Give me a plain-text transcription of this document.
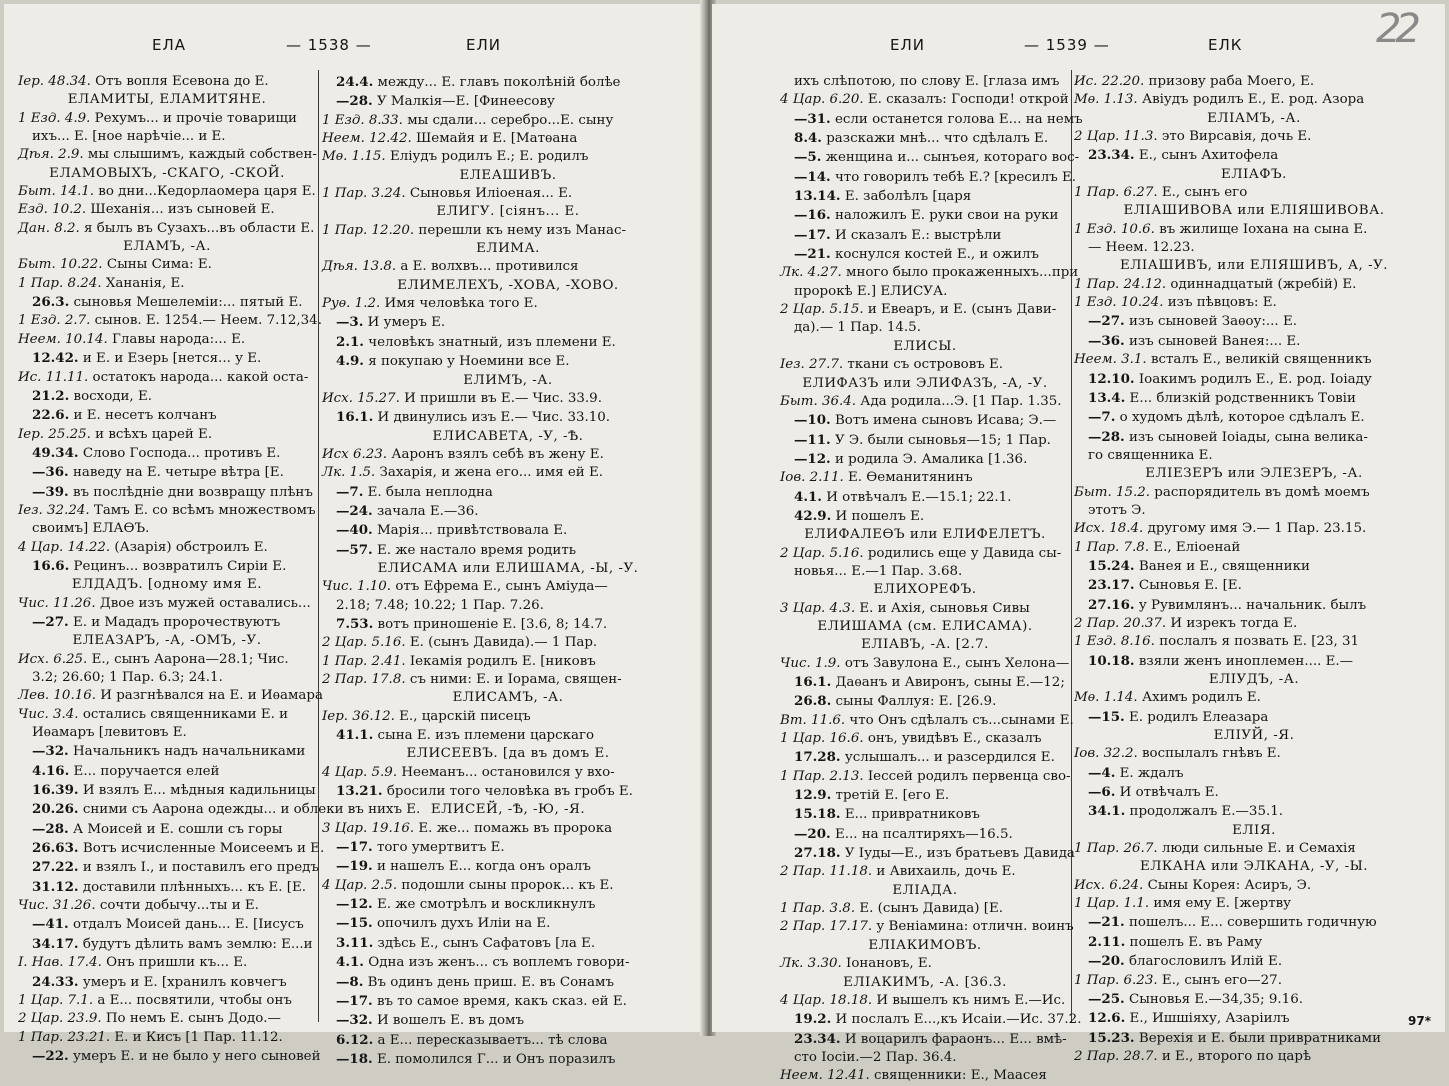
ЕЛА	— 1538 —	ЕЛИ
Іер. 48.34. Отъ вопля Есевона до Е.
ЕЛАМИТЫ, ЕЛАМИТЯНЕ.
1 Езд. 4.9. Рехумъ... и прочіе товарищи
ихъ... Е. [ное нарѣчіе... и Е.
Дѣя. 2.9. мы слышимъ, каждый собствен-
ЕЛАМОВЫХЪ, -СКАГО, -СКОЙ.
Быт. 14.1. во дни...Кедорлаомера царя Е.
Езд. 10.2. Шеханія... изъ сыновей Е.
Дан. 8.2. я былъ въ Сузахъ...въ области Е.
ЕЛАМЪ, -А.
Быт. 10.22. Сыны Сима: Е.
1 Пар. 8.24. Хананія, Е.
26.3. сыновья Мешелеміи:... пятый Е.
1 Езд. 2.7. сынов. Е. 1254.— Неем. 7.12,34.
Неем. 10.14. Главы народа:... Е.
12.42. и Е. и Езерь [нется... у Е.
Ис. 11.11. остатокъ народа... какой оста-
21.2. восходи, Е.
22.6. и Е. несетъ колчанъ
Іер. 25.25. и всѣхъ царей Е.
49.34. Слово Господа... противъ Е.
—36. наведу на Е. четыре вѣтра [Е.
—39. въ послѣдніе дни возвращу плѣнъ
Іез. 32.24. Тамъ Е. со всѣмъ множествомъ
своимъ] ЕЛАѲЪ.
4 Цар. 14.22. (Азарія) обстроилъ Е.
16.6. Рецинъ... возвратилъ Сиріи Е.
ЕЛДАДЪ. [одному имя Е.
Чис. 11.26. Двое изъ мужей оставались...
—27. Е. и Мададъ пророчествуютъ
ЕЛЕАЗАРЪ, -А, -ОМЪ, -У.
Исх. 6.25. Е., сынъ Аарона—28.1; Чис.
3.2; 26.60; 1 Пар. 6.3; 24.1.
Лев. 10.16. И разгнѣвался на Е. и Иѳамара
Чис. 3.4. остались священниками Е. и
Иѳамаръ [левитовъ Е.
—32. Начальникъ надъ начальниками
4.16. Е... поручается елей
16.39. И взялъ Е... мѣдныя кадильницы
20.26. сними съ Аарона одежды... и облеки въ нихъ Е.
—28. А Моисей и Е. сошли съ горы
26.63. Вотъ исчисленные Моисеемъ и Е.
27.22. и взялъ І., и поставилъ его предъ
31.12. доставили плѣнныхъ... къ Е. [Е.
Чис. 31.26. сочти добычу...ты и Е.
—41. отдалъ Моисей дань... Е. [Іисусъ
34.17. будутъ дѣлить вамъ землю: Е...и
І. Нав. 17.4. Онъ пришли къ... Е.
24.33. умеръ и Е. [хранилъ ковчегъ
1 Цар. 7.1. а Е... посвятили, чтобы онъ
2 Цар. 23.9. По немъ Е. сынъ Додо.—
1 Пар. 23.21. Е. и Кисъ [1 Пар. 11.12.
—22. умеръ Е. и не было у него сыновей
24.4. между... Е. главъ поколѣній болѣе
—28. У Малкія—Е. [Финеесову
1 Езд. 8.33. мы сдали... серебро...Е. сыну
Неем. 12.42. Шемайя и Е. [Матѳана
Мѳ. 1.15. Еліудъ родилъ Е.; Е. родилъ
ЕЛЕАШИВЪ.
1 Пар. 3.24. Сыновья Иліоеная... Е.
ЕЛИГУ. [сіянъ... Е.
1 Пар. 12.20. перешли къ нему изъ Манас-
ЕЛИМА.
Дѣя. 13.8. а Е. волхвъ... противился
ЕЛИМЕЛЕХЪ, -ХОВА, -ХОВО.
Руѳ. 1.2. Имя человѣка того Е.
—3. И умеръ Е.
2.1. человѣкъ знатный, изъ племени Е.
4.9. я покупаю у Ноемини все Е.
ЕЛИМЪ, -А.
Исх. 15.27. И пришли въ Е.— Чис. 33.9.
16.1. И двинулись изъ Е.— Чис. 33.10.
ЕЛИСАВЕТА, -У, -Ѣ.
Исх 6.23. Ааронъ взялъ себѣ въ жену Е.
Лк. 1.5. Захарія, и жена его... имя ей Е.
—7. Е. была неплодна
—24. зачала Е.—36.
—40. Марія... привѣтствовала Е.
—57. Е. же настало время родить
ЕЛИСАМА или ЕЛИШАМА, -Ы, -У.
Чис. 1.10. отъ Ефрема Е., сынъ Аміуда—
2.18; 7.48; 10.22; 1 Пар. 7.26.
7.53. вотъ приношеніе Е. [3.6, 8; 14.7.
2 Цар. 5.16. Е. (сынъ Давида).— 1 Пар.
1 Пар. 2.41. Іекамія родилъ Е. [никовъ
2 Пар. 17.8. съ ними: Е. и Іорама, священ-
ЕЛИСАМЪ, -А.
Іер. 36.12. Е., царскій писецъ
41.1. сына Е. изъ племени царскаго
ЕЛИСЕЕВЪ. [да въ домъ Е.
4 Цар. 5.9. Нееманъ... остановился у вхо-
13.21. бросили того человѣка въ гробъ Е.
ЕЛИСЕЙ, -Ѣ, -Ю, -Я.
3 Цар. 19.16. Е. же... помажь въ пророка
—17. того умертвитъ Е.
—19. и нашелъ Е... когда онъ оралъ
4 Цар. 2.5. подошли сыны пророк... къ Е.
—12. Е. же смотрѣлъ и воскликнулъ
—15. опочилъ духъ Иліи на Е.
3.11. здѣсь Е., сынъ Сафатовъ [ла Е.
4.1. Одна изъ женъ... съ воплемъ говори-
—8. Въ одинъ день приш. Е. въ Сонамъ
—17. въ то самое время, какъ сказ. ей Е.
—32. И вошелъ Е. въ домъ
6.12. а Е... пересказываетъ... тѣ слова
—18. Е. помолился Г... и Онъ поразилъ
ЕЛИ	— 1539 —	ЕЛК	22
ихъ слѣпотою, по слову Е. [глаза имъ
4 Цар. 6.20. Е. сказалъ: Господи! открой
—31. если останется голова Е... на немъ
8.4. разскажи мнѣ... что сдѣлалъ Е.
—5. женщина и... сынъея, котораго вос-
—14. что говорилъ тебѣ Е.? [кресилъ Е.
13.14. Е. заболѣлъ [царя
—16. наложилъ Е. руки свои на руки
—17. И сказалъ Е.: выстрѣли
—21. коснулся костей Е., и ожилъ
Лк. 4.27. много было прокаженныхъ...при
пророкѣ Е.] ЕЛИСУА.
2 Цар. 5.15. и Евеаръ, и Е. (сынъ Дави-
да).— 1 Пар. 14.5.
ЕЛИСЫ.
Іез. 27.7. ткани съ острововъ Е.
ЕЛИФАЗЪ или ЭЛИФАЗЪ, -А, -У.
Быт. 36.4. Ада родила...Э. [1 Пар. 1.35.
—10. Вотъ имена сыновъ Исава; Э.—
—11. У Э. были сыновья—15; 1 Пар.
—12. и родила Э. Амалика [1.36.
Іов. 2.11. Е. Ѳеманитянинъ
4.1. И отвѣчалъ Е.—15.1; 22.1.
42.9. И пошелъ Е.
ЕЛИФАЛЕѲЪ или ЕЛИФЕЛЕТЪ.
2 Цар. 5.16. родились еще у Давида сы-
новья... Е.—1 Пар. 3.68.
ЕЛИХОРЕФЪ.
3 Цар. 4.3. Е. и Ахія, сыновья Сивы
ЕЛИШАМА (см. ЕЛИСАМА).
ЕЛІАВЪ, -А. [2.7.
Чис. 1.9. отъ Завулона Е., сынъ Хелона—
16.1. Даѳанъ и Авиронъ, сыны Е.—12;
26.8. сыны Фаллуя: Е. [26.9.
Вт. 11.6. что Онъ сдѣлалъ съ...сынами Е.
1 Цар. 16.6. онъ, увидѣвъ Е., сказалъ
17.28. услышалъ... и разсердился Е.
1 Пар. 2.13. Іессей родилъ первенца сво-
12.9. третій Е. [его Е.
15.18. Е... привратниковъ
—20. Е... на псалтиряхъ—16.5.
27.18. У Іуды—Е., изъ братьевъ Давида
2 Пар. 11.18. и Авихаиль, дочь Е.
ЕЛІАДА.
1 Пар. 3.8. Е. (сынъ Давида) [Е.
2 Пар. 17.17. у Веніамина: отличн. воинъ
ЕЛІАКИМОВЪ.
Лк. 3.30. Іонановъ, Е.
ЕЛІАКИМЪ, -А. [36.3.
4 Цар. 18.18. И вышелъ къ нимъ Е.—Ис.
19.2. И послалъ Е...,къ Исаіи.—Ис. 37.2.
23.34. И воцарилъ фараонъ... Е... вмѣ-
сто Іосіи.—2 Пар. 36.4.
Неем. 12.41. священники: Е., Маасея
Ис. 22.20. призову раба Моего, Е.
Мѳ. 1.13. Авіудъ родилъ Е., Е. род. Азора
ЕЛІАМЪ, -А.
2 Цар. 11.3. это Вирсавія, дочь Е.
23.34. Е., сынъ Ахитофела
ЕЛІАФЪ.
1 Пар. 6.27. Е., сынъ его
ЕЛІАШИВОВА или ЕЛІЯШИВОВА.
1 Езд. 10.6. въ жилище Іохана на сына Е.
— Неем. 12.23.
ЕЛІАШИВЪ, или ЕЛІЯШИВЪ, А, -У.
1 Пар. 24.12. одиннадцатый (жребій) Е.
1 Езд. 10.24. изъ пѣвцовъ: Е.
—27. изъ сыновей Заѳоу:... Е.
—36. изъ сыновей Ванея:... Е.
Неем. 3.1. всталъ Е., великій священникъ
12.10. Іоакимъ родилъ Е., Е. род. Іоіаду
13.4. Е... близкій родственникъ Товіи
—7. о худомъ дѣлѣ, которое сдѣлалъ Е.
—28. изъ сыновей Іоіады, сына велика-
го священника Е.
ЕЛІЕЗЕРЪ или ЭЛЕЗЕРЪ, -А.
Быт. 15.2. распорядитель въ домѣ моемъ
этотъ Э.
Исх. 18.4. другому имя Э.— 1 Пар. 23.15.
1 Пар. 7.8. Е., Еліоенай
15.24. Ванея и Е., священники
23.17. Сыновья Е. [Е.
27.16. у Рувимлянъ... начальник. былъ
2 Пар. 20.37. И изрекъ тогда Е.
1 Езд. 8.16. послалъ я позвать Е. [23, 31
10.18. взяли женъ иноплемен.... Е.—
ЕЛІУДЪ, -А.
Мѳ. 1.14. Ахимъ родилъ Е.
—15. Е. родилъ Елеазара
ЕЛІУЙ, -Я.
Іов. 32.2. воспылалъ гнѣвъ Е.
—4. Е. ждалъ
—6. И отвѣчалъ Е.
34.1. продолжалъ Е.—35.1.
ЕЛІЯ.
1 Пар. 26.7. люди сильные Е. и Семахія
ЕЛКАНА или ЭЛКАНА, -У, -Ы.
Исх. 6.24. Сыны Корея: Асиръ, Э.
1 Цар. 1.1. имя ему Е. [жертву
—21. пошелъ... Е... совершить годичную
2.11. пошелъ Е. въ Раму
—20. благословилъ Илій Е.
1 Пар. 6.23. Е., сынъ его—27.
—25. Сыновья Е.—34,35; 9.16.
12.6. Е., Ишшіяху, Азаріилъ
15.23. Верехія и Е. были привратниками
2 Пар. 28.7. и Е., второго по царѣ
97*
